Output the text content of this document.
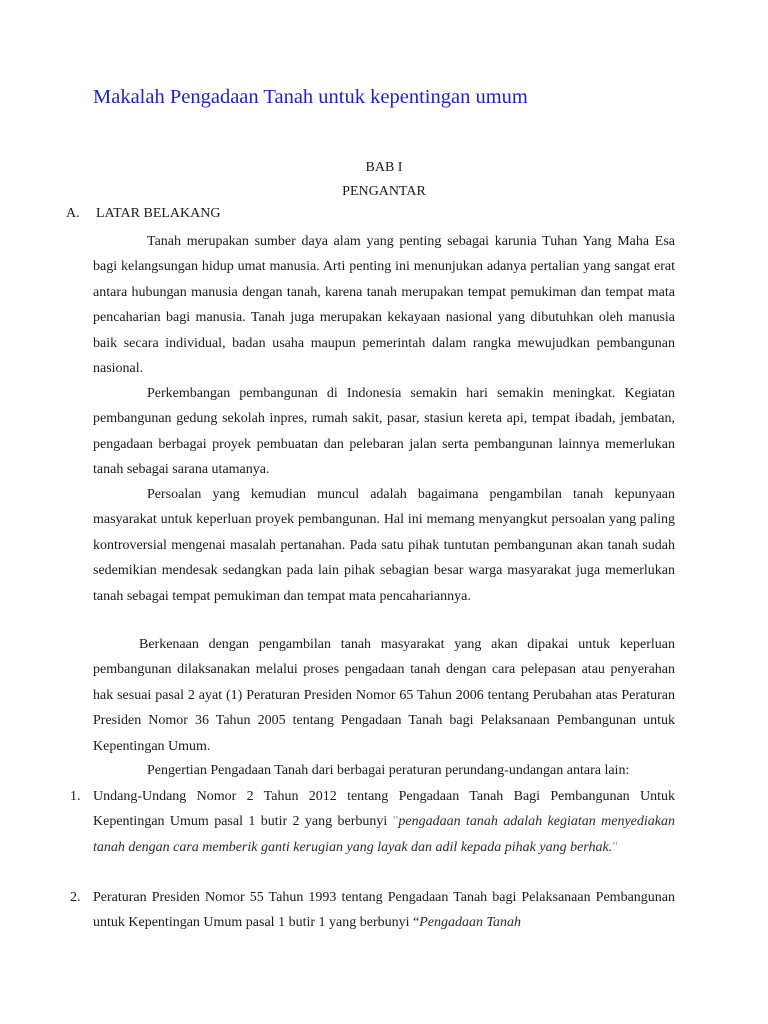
Makalah Pengadaan Tanah untuk kepentingan umum

BAB I

PENGANTAR

A. LATAR BELAKANG

Tanah merupakan sumber daya alam yang penting sebagai karunia Tuhan Yang Maha Esa bagi kelangsungan hidup umat manusia. Arti penting ini menunjukan adanya pertalian yang sangat erat antara hubungan manusia dengan tanah, karena tanah merupakan tempat pemukiman dan tempat mata pencaharian bagi manusia. Tanah juga merupakan kekayaan nasional yang dibutuhkan oleh manusia baik secara individual, badan usaha maupun pemerintah dalam rangka mewujudkan pembangunan nasional.

Perkembangan pembangunan di Indonesia semakin hari semakin meningkat. Kegiatan pembangunan gedung sekolah inpres, rumah sakit, pasar, stasiun kereta api, tempat ibadah, jembatan, pengadaan berbagai proyek pembuatan dan pelebaran jalan serta pembangunan lainnya memerlukan tanah sebagai sarana utamanya.

Persoalan yang kemudian muncul adalah bagaimana pengambilan tanah kepunyaan masyarakat untuk keperluan proyek pembangunan. Hal ini memang menyangkut persoalan yang paling kontroversial mengenai masalah pertanahan. Pada satu pihak tuntutan pembangunan akan tanah sudah sedemikian mendesak sedangkan pada lain pihak sebagian besar warga masyarakat juga memerlukan tanah sebagai tempat pemukiman dan tempat mata pencahariannya.

Berkenaan dengan pengambilan tanah masyarakat yang akan dipakai untuk keperluan pembangunan dilaksanakan melalui proses pengadaan tanah dengan cara pelepasan atau penyerahan hak sesuai pasal 2 ayat (1) Peraturan Presiden Nomor 65 Tahun 2006 tentang Perubahan atas Peraturan Presiden Nomor 36 Tahun 2005 tentang Pengadaan Tanah bagi Pelaksanaan Pembangunan untuk Kepentingan Umum.

Pengertian Pengadaan Tanah dari berbagai peraturan perundang-undangan antara lain:

1. Undang-Undang Nomor 2 Tahun 2012 tentang Pengadaan Tanah Bagi Pembangunan Untuk Kepentingan Umum pasal 1 butir 2 yang berbunyi "pengadaan tanah adalah kegiatan menyediakan tanah dengan cara memberik ganti kerugian yang layak dan adil kepada pihak yang berhak."

2. Peraturan Presiden Nomor 55 Tahun 1993 tentang Pengadaan Tanah bagi Pelaksanaan Pembangunan untuk Kepentingan Umum pasal 1 butir 1 yang berbunyi “Pengadaan Tanah
